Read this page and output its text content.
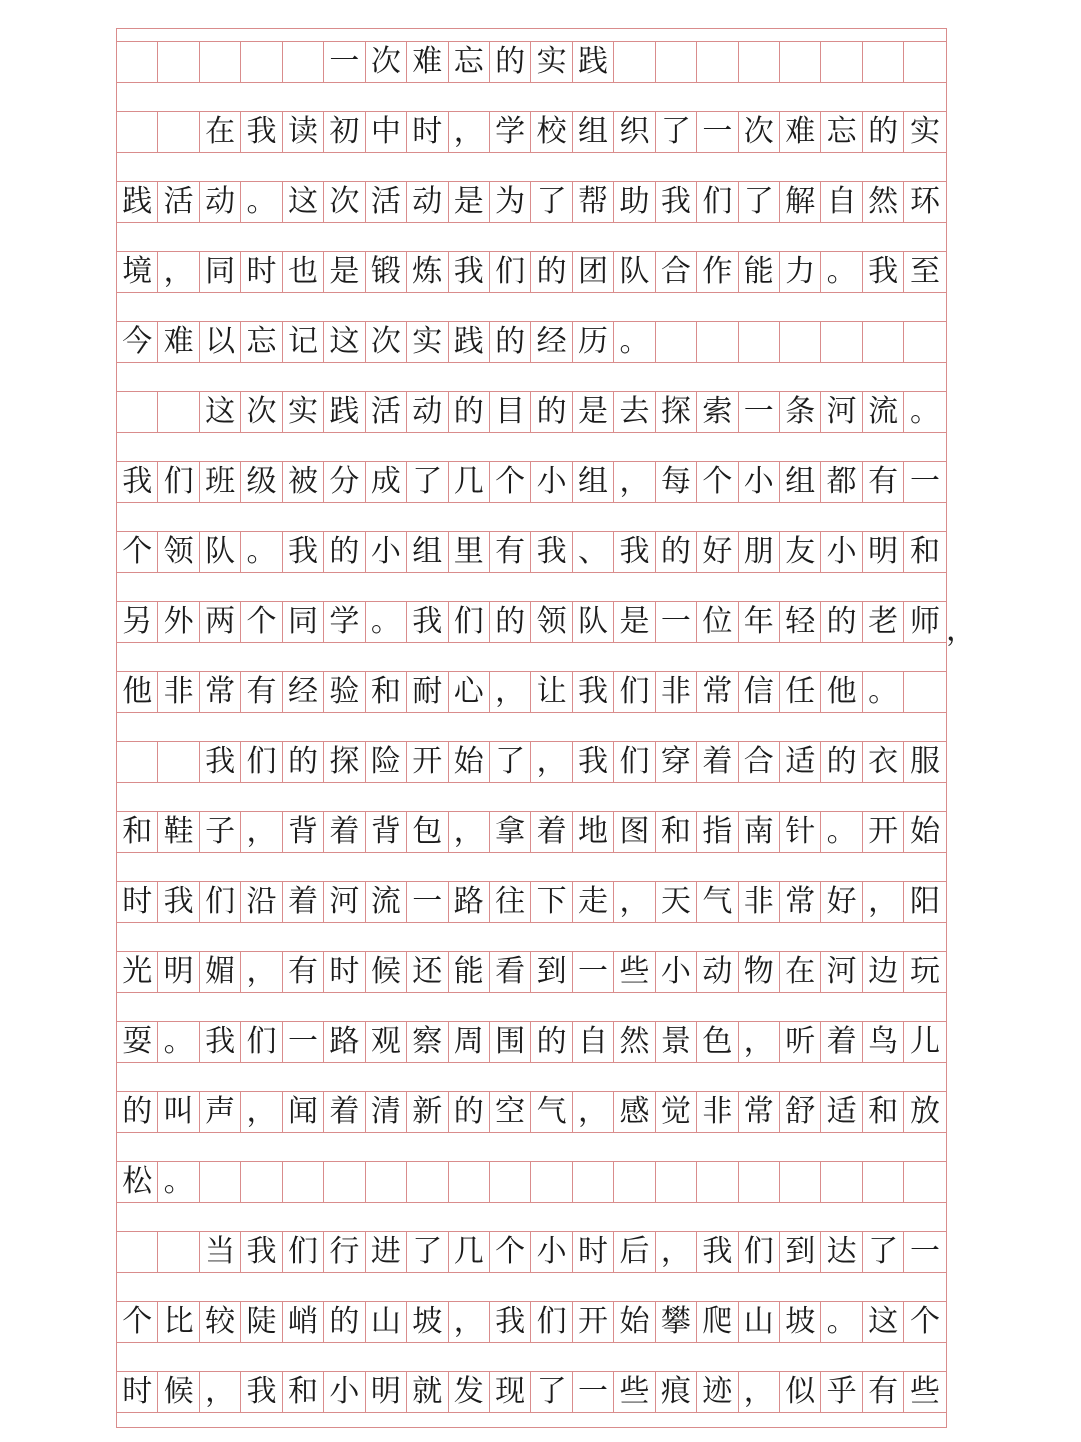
一 次 难 忘 的 实 践
在 我 读 初 中 时 ， 学 校 组 织 了 一 次 难 忘 的 实
践 活 动 。 这 次 活 动 是 为 了 帮 助 我 们 了 解 自 然 环
境 ， 同 时 也 是 锻 炼 我 们 的 团 队 合 作 能 力 。 我 至
今 难 以 忘 记 这 次 实 践 的 经 历 。
这 次 实 践 活 动 的 目 的 是 去 探 索 一 条 河 流 。
我 们 班 级 被 分 成 了 几 个 小 组 ， 每 个 小 组 都 有 一
个 领 队 。 我 的 小 组 里 有 我 、 我 的 好 朋 友 小 明 和
另 外 两 个 同 学 。 我 们 的 领 队 是 一 位 年 轻 的 老 师
他 非 常 有 经 验 和 耐 心 ， 让 我 们 非 常 信 任 他 。
我 们 的 探 险 开 始 了 ， 我 们 穿 着 合 适 的 衣 服
和 鞋 子 ， 背 着 背 包 ， 拿 着 地 图 和 指 南 针 。 开 始
时 我 们 沿 着 河 流 一 路 往 下 走 ， 天 气 非 常 好 ， 阳
光 明 媚 ， 有 时 候 还 能 看 到 一 些 小 动 物 在 河 边 玩
耍 。 我 们 一 路 观 察 周 围 的 自 然 景 色 ， 听 着 鸟 儿
的 叫 声 ， 闻 着 清 新 的 空 气 ， 感 觉 非 常 舒 适 和 放
松 。
当 我 们 行 进 了 几 个 小 时 后 ， 我 们 到 达 了 一
个 比 较 陡 峭 的 山 坡 ， 我 们 开 始 攀 爬 山 坡 。 这 个
时 候 ， 我 和 小 明 就 发 现 了 一 些 痕 迹 ， 似 乎 有 些
，
